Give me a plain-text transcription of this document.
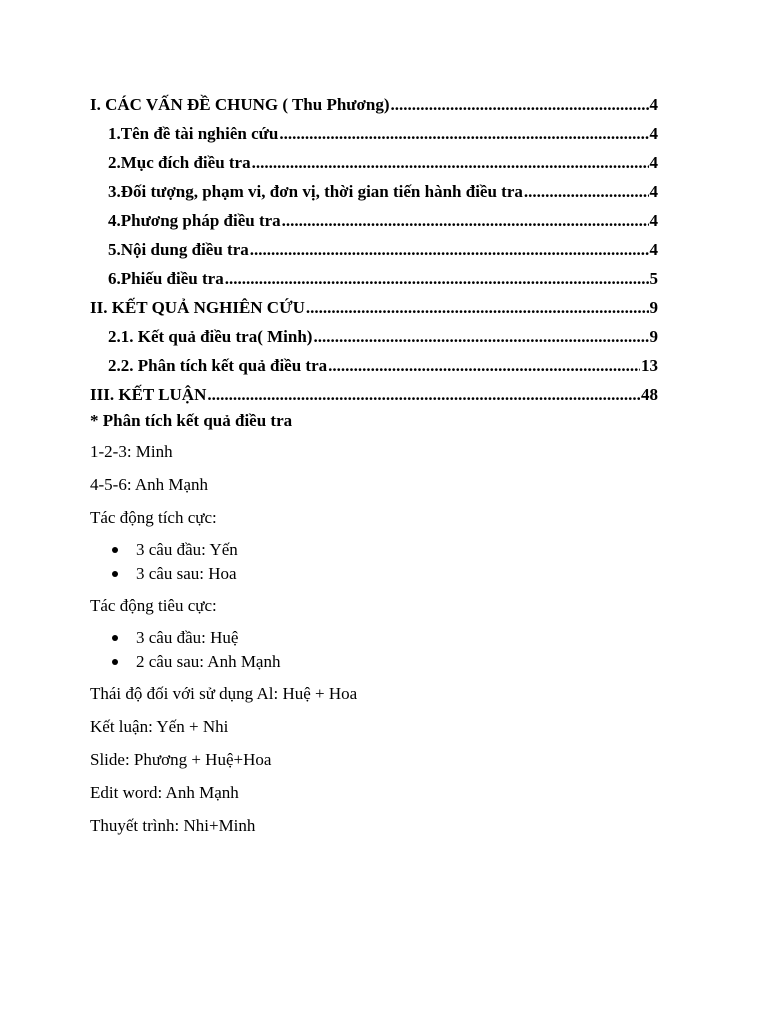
I. CÁC VẤN ĐỀ CHUNG ( Thu Phương) .....	4
1. Tên đề tài nghiên cứu .....	4
2. Mục đích điều tra .....	4
3. Đối tượng, phạm vi, đơn vị, thời gian tiến hành điều tra .....	4
4. Phương pháp điều tra .....	4
5. Nội dung điều tra .....	4
6. Phiếu điều tra .....	5
II. KẾT QUẢ NGHIÊN CỨU .....	9
2.1. Kết quả điều tra( Minh) .....	9
2.2. Phân tích kết quả điều tra .....	13
III. KẾT LUẬN .....	48
* Phân tích kết quả điều tra
1-2-3: Minh
4-5-6: Anh Mạnh
Tác động tích cực:
3 câu đầu: Yến
3 câu sau: Hoa
Tác động tiêu cực:
3 câu đầu: Huệ
2 câu sau: Anh Mạnh
Thái độ đối với sử dụng Al: Huệ + Hoa
Kết luận: Yến + Nhi
Slide: Phương + Huệ+Hoa
Edit word: Anh Mạnh
Thuyết trình: Nhi+Minh
